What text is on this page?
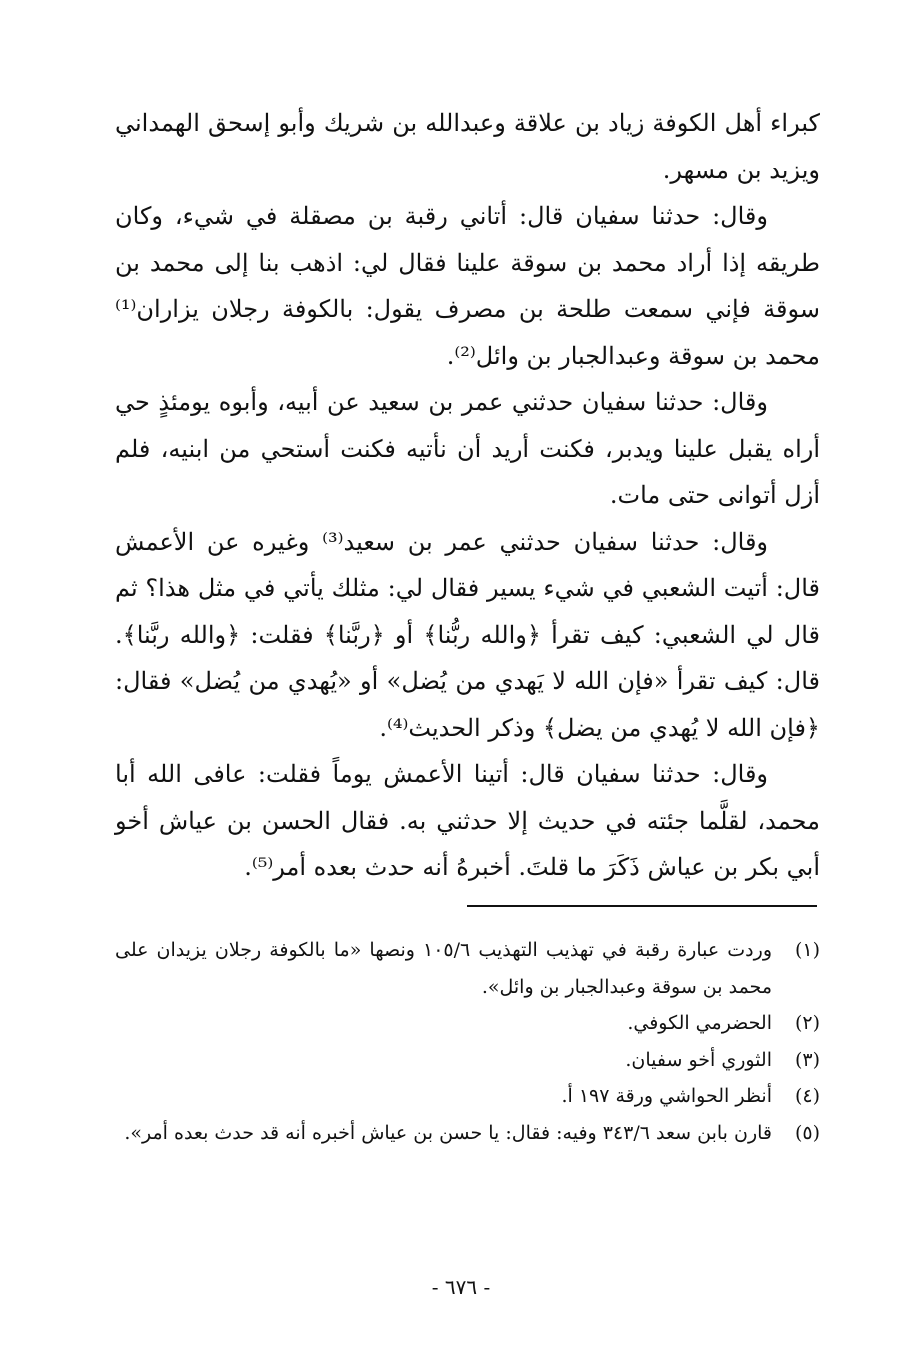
كبراء أهل الكوفة زياد بن علاقة وعبدالله بن شريك وأبو إسحق الهمداني ويزيد بن مسهر.

وقال: حدثنا سفيان قال: أتاني رقبة بن مصقلة في شيء، وكان طريقه إذا أراد محمد بن سوقة علينا فقال لي: اذهب بنا إلى محمد بن سوقة فإني سمعت طلحة بن مصرف يقول: بالكوفة رجلان يزاران⁽¹⁾ محمد بن سوقة وعبدالجبار بن وائل⁽²⁾.

وقال: حدثنا سفيان حدثني عمر بن سعيد عن أبيه، وأبوه يومئذٍ حي أراه يقبل علينا ويدبر، فكنت أريد أن نأتيه فكنت أستحي من ابنيه، فلم أزل أتوانى حتى مات.

وقال: حدثنا سفيان حدثني عمر بن سعيد⁽³⁾ وغيره عن الأعمش قال: أتيت الشعبي في شيء يسير فقال لي: مثلك يأتي في مثل هذا؟ ثم قال لي الشعبي: كيف تقرأ ﴿والله ربُّنا﴾ أو ﴿ربَّنا﴾ فقلت: ﴿والله ربَّنا﴾. قال: كيف تقرأ «فإن الله لا يَهدي من يُضل» أو «يُهدي من يُضل» فقال: ﴿فإن الله لا يُهدي من يضل﴾ وذكر الحديث⁽⁴⁾.

وقال: حدثنا سفيان قال: أتينا الأعمش يوماً فقلت: عافى الله أبا محمد، لقلَّما جئته في حديث إلا حدثني به. فقال الحسن بن عياش أخو أبي بكر بن عياش ذَكَرَ ما قلتَ. أخبرهُ أنه حدث بعده أمر⁽⁵⁾.

(١)
وردت عبارة رقبة في تهذيب التهذيب ١٠٥/٦ ونصها «ما بالكوفة رجلان يزيدان على محمد بن سوقة وعبدالجبار بن وائل».
(٢)
الحضرمي الكوفي.
(٣)
الثوري أخو سفيان.
(٤)
أنظر الحواشي ورقة ١٩٧ أ.
(٥)
قارن بابن سعد ٣٤٣/٦ وفيه: فقال: يا حسن بن عياش أخبره أنه قد حدث بعده أمر».
- ٦٧٦ -
